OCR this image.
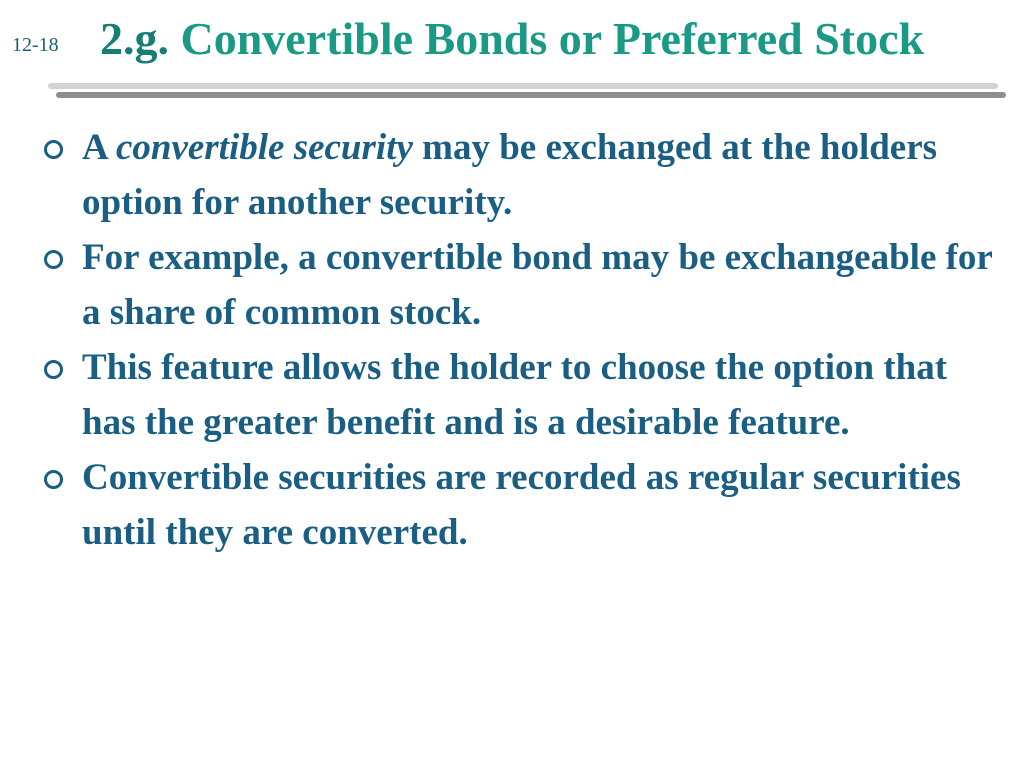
12-18 2.g. Convertible Bonds or Preferred Stock
A convertible security may be exchanged at the holders option for another security.
For example, a convertible bond may be exchangeable for a share of common stock.
This feature allows the holder to choose the option that has the greater benefit and is a desirable feature.
Convertible securities are recorded as regular securities until they are converted.
